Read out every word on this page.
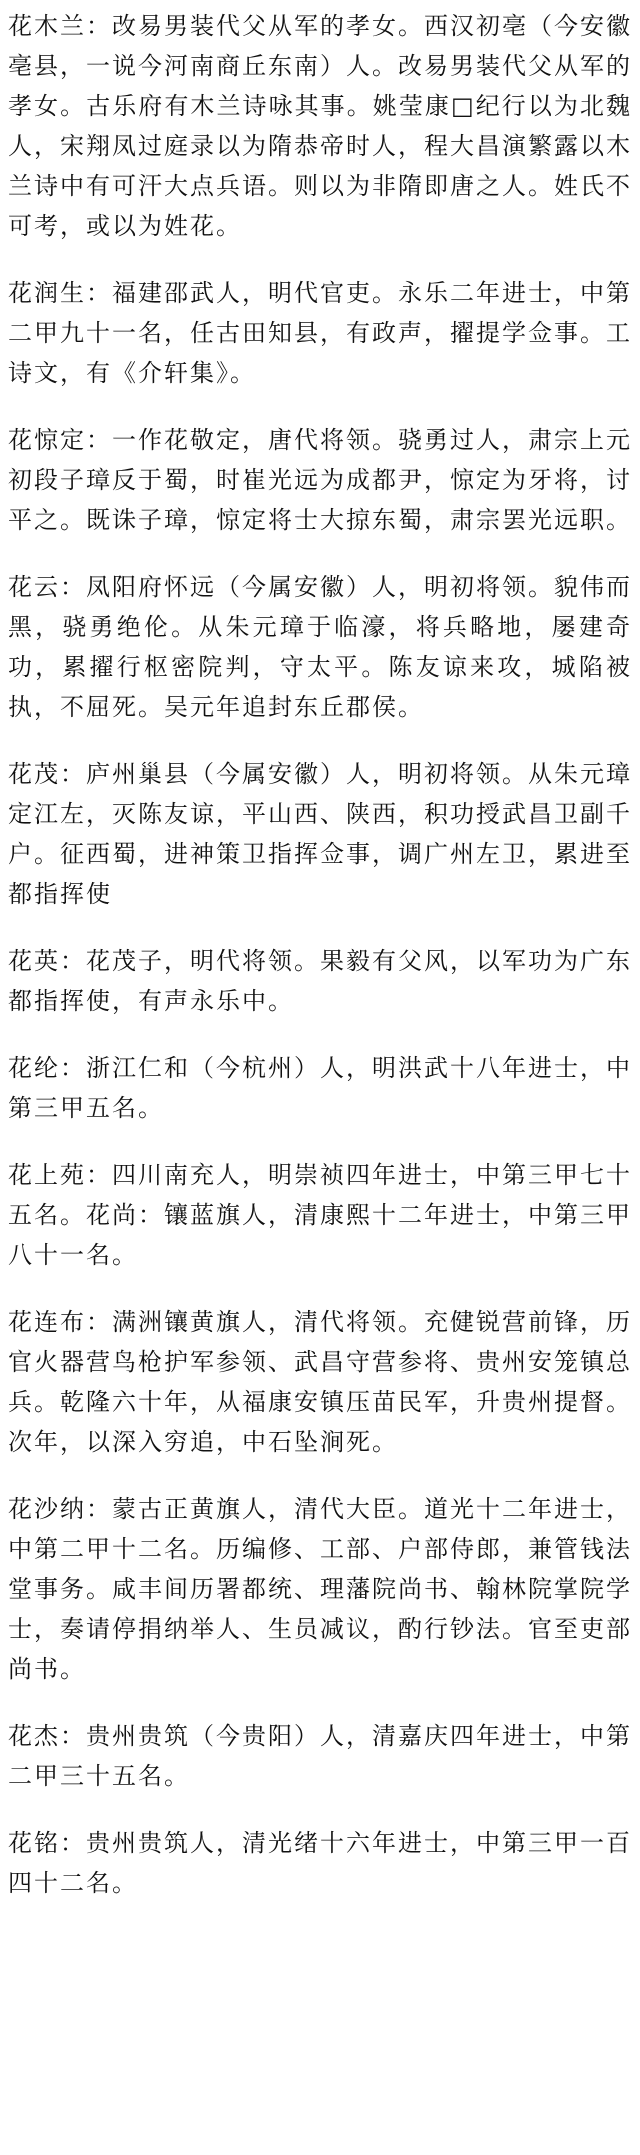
花木兰：改易男装代父从军的孝女。西汉初亳（今安徽亳县，一说今河南商丘东南）人。改易男装代父从军的孝女。古乐府有木兰诗咏其事。姚莹康□纪行以为北魏人，宋翔凤过庭录以为隋恭帝时人，程大昌演繁露以木兰诗中有可汗大点兵语。则以为非隋即唐之人。姓氏不可考，或以为姓花。

花润生：福建邵武人，明代官吏。永乐二年进士，中第二甲九十一名，任古田知县，有政声，擢提学佥事。工诗文，有《介轩集》。

花惊定：一作花敬定，唐代将领。骁勇过人，肃宗上元初段子璋反于蜀，时崔光远为成都尹，惊定为牙将，讨平之。既诛子璋，惊定将士大掠东蜀，肃宗罢光远职。

花云：凤阳府怀远（今属安徽）人，明初将领。貌伟而黑，骁勇绝伦。从朱元璋于临濠，将兵略地，屡建奇功，累擢行枢密院判，守太平。陈友谅来攻，城陷被执，不屈死。吴元年追封东丘郡侯。

花茂：庐州巢县（今属安徽）人，明初将领。从朱元璋定江左，灭陈友谅，平山西、陕西，积功授武昌卫副千户。征西蜀，进神策卫指挥佥事，调广州左卫，累进至都指挥使

花英：花茂子，明代将领。果毅有父风，以军功为广东都指挥使，有声永乐中。

花纶：浙江仁和（今杭州）人，明洪武十八年进士，中第三甲五名。

花上苑：四川南充人，明崇祯四年进士，中第三甲七十五名。花尚：镶蓝旗人，清康熙十二年进士，中第三甲八十一名。

花连布：满洲镶黄旗人，清代将领。充健锐营前锋，历官火器营鸟枪护军参领、武昌守营参将、贵州安笼镇总兵。乾隆六十年，从福康安镇压苗民军，升贵州提督。次年，以深入穷追，中石坠涧死。

花沙纳：蒙古正黄旗人，清代大臣。道光十二年进士，中第二甲十二名。历编修、工部、户部侍郎，兼管钱法堂事务。咸丰间历署都统、理藩院尚书、翰林院掌院学士，奏请停捐纳举人、生员减议，酌行钞法。官至吏部尚书。

花杰：贵州贵筑（今贵阳）人，清嘉庆四年进士，中第二甲三十五名。

花铭：贵州贵筑人，清光绪十六年进士，中第三甲一百四十二名。
